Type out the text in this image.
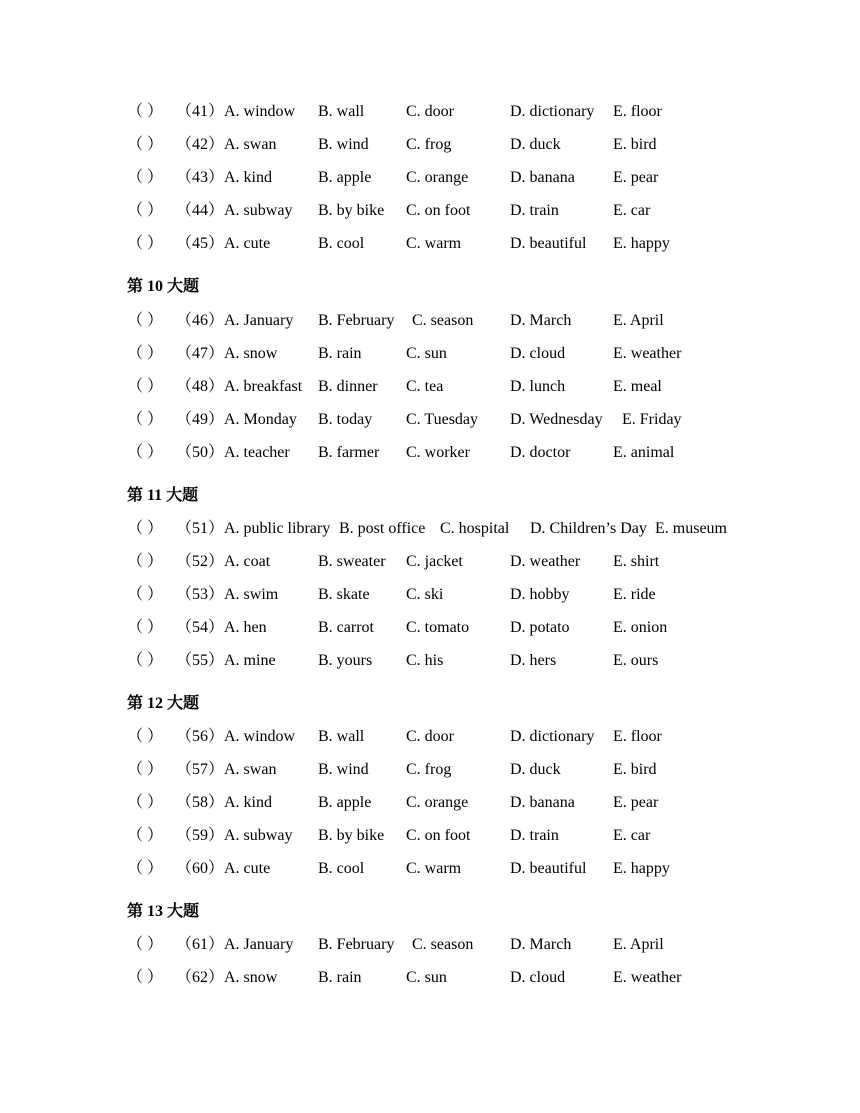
（ ） （41） A. window B. wall	C. door	D. dictionary E. floor
（ ） （42） A. swan	B. wind C. frog	D. duck	E. bird
（ ） （43） A. kind	B. apple C. orange	D. banana E. pear
（ ） （44） A. subway B. by bike C. on foot D. train	E. car
（ ） （45） A. cute	B. cool	C. warm	D. beautiful E. happy
第 10 大题
（ ） （46） A. January B. February C. season D. March	E. April
（ ） （47） A. snow	B. rain	C. sun	D. cloud	E. weather
（ ） （48） A. breakfast B. dinner C. tea	D. lunch	E. meal
（ ） （49） A. Monday B. today C. Tuesday D. Wednesday E. Friday
（ ） （50） A. teacher B. farmer C. worker	D. doctor	E. animal
第 11 大题
（ ） （51） A. public library B. post office C. hospital D. Children’s Day E. museum
（ ） （52） A. coat	B. sweater C. jacket	D. weather E. shirt
（ ） （53） A. swim B. skate C. ski	D. hobby	E. ride
（ ） （54） A. hen	B. carrot C. tomato	D. potato	E. onion
（ ） （55） A. mine	B. yours C. his	D. hers	E. ours
第 12 大题
（ ） （56） A. window B. wall	C. door	D. dictionary E. floor
（ ） （57） A. swan	B. wind C. frog	D. duck	E. bird
（ ） （58） A. kind	B. apple C. orange	D. banana E. pear
（ ） （59） A. subway B. by bike C. on foot D. train	E. car
（ ） （60） A. cute	B. cool	C. warm	D. beautiful E. happy
第 13 大题
（ ） （61） A. January B. February C. season D. March	E. April
（ ） （62） A. snow	B. rain	C. sun	D. cloud	E. weather
